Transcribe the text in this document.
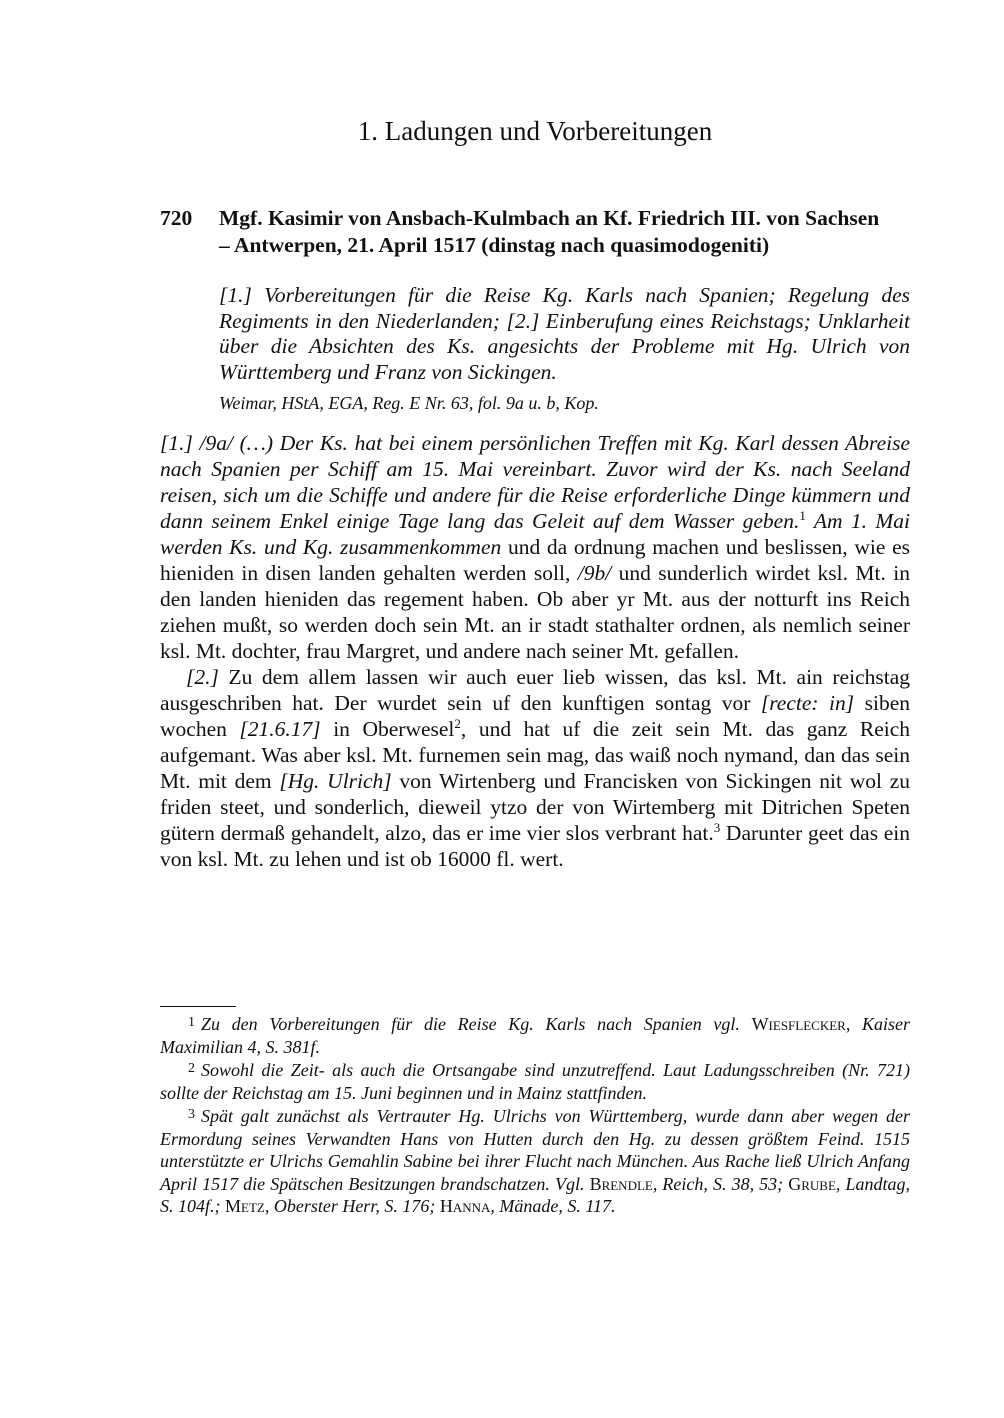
1. Ladungen und Vorbereitungen
720 Mgf. Kasimir von Ansbach-Kulmbach an Kf. Friedrich III. von Sachsen
– Antwerpen, 21. April 1517 (dinstag nach quasimodogeniti)
[1.] Vorbereitungen für die Reise Kg. Karls nach Spanien; Regelung des Regiments in den Niederlanden; [2.] Einberufung eines Reichstags; Unklarheit über die Absichten des Ks. angesichts der Probleme mit Hg. Ulrich von Württemberg und Franz von Sickingen.
Weimar, HStA, EGA, Reg. E Nr. 63, fol. 9a u. b, Kop.

[1.] /9a/ (…) Der Ks. hat bei einem persönlichen Treffen mit Kg. Karl dessen Abreise nach Spanien per Schiff am 15. Mai vereinbart. Zuvor wird der Ks. nach Seeland reisen, sich um die Schiffe und andere für die Reise erforderliche Dinge kümmern und dann seinem Enkel einige Tage lang das Geleit auf dem Wasser geben.$^1$ Am 1. Mai werden Ks. und Kg. zusammenkommen und da ordnung machen und beslissen, wie es hieniden in disen landen gehalten werden soll, /9b/ und sunderlich wirdet ksl. Mt. in den landen hieniden das regement haben. Ob aber yr Mt. aus der notturft ins Reich ziehen mußt, so werden doch sein Mt. an ir stadt stathalter ordnen, als nemlich seiner ksl. Mt. dochter, frau Margret, und andere nach seiner Mt. gefallen.

[2.] Zu dem allem lassen wir auch euer lieb wissen, das ksl. Mt. ain reichstag ausgeschriben hat. Der wurdet sein uf den kunftigen sontag vor [recte: in] siben wochen [21.6.17] in Oberwesel$^2$, und hat uf die zeit sein Mt. das ganz Reich aufgemant. Was aber ksl. Mt. furnemen sein mag, das waiß noch nymand, dan das sein Mt. mit dem [Hg. Ulrich] von Wirtenberg und Francisken von Sickingen nit wol zu friden steet, und sonderlich, dieweil ytzo der von Wirtemberg mit Ditrichen Speten gütern dermaß gehandelt, alzo, das er ime vier slos verbrant hat.$^3$ Darunter geet das ein von ksl. Mt. zu lehen und ist ob 16000 fl. wert.

$^1$ Zu den Vorbereitungen für die Reise Kg. Karls nach Spanien vgl. Wiesflecker, Kaiser Maximilian 4, S. 381f.

$^2$ Sowohl die Zeit- als auch die Ortsangabe sind unzutreffend. Laut Ladungsschreiben (Nr. 721) sollte der Reichstag am 15. Juni beginnen und in Mainz stattfinden.

$^3$ Spät galt zunächst als Vertrauter Hg. Ulrichs von Württemberg, wurde dann aber wegen der Ermordung seines Verwandten Hans von Hutten durch den Hg. zu dessen größtem Feind. 1515 unterstützte er Ulrichs Gemahlin Sabine bei ihrer Flucht nach München. Aus Rache ließ Ulrich Anfang April 1517 die Spätschen Besitzungen brandschatzen. Vgl. Brendle, Reich, S. 38, 53; Grube, Landtag, S. 104f.; Metz, Oberster Herr, S. 176; Hanna, Mänade, S. 117.
